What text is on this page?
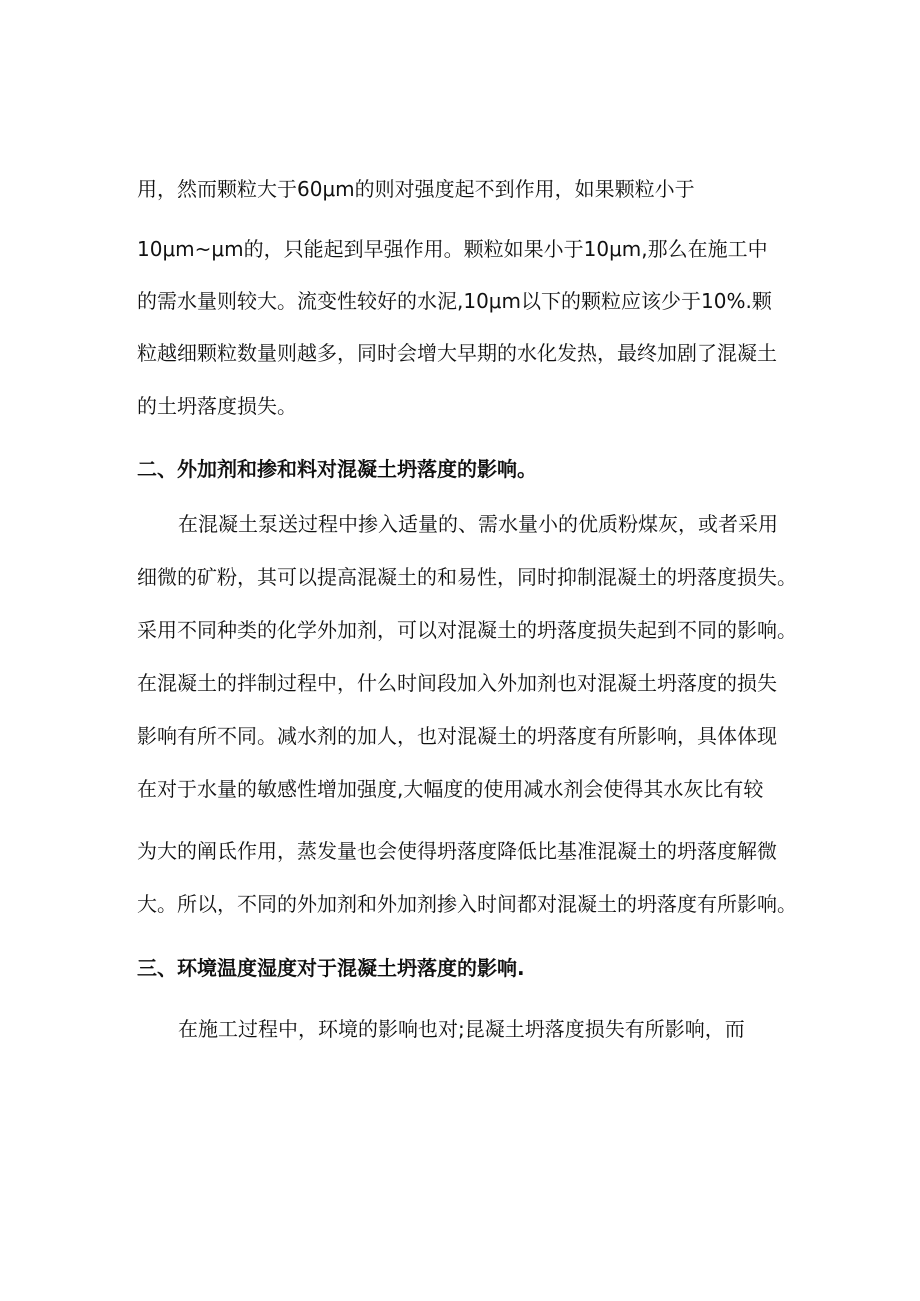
用，然而颗粒大于60μm的则对强度起不到作用，如果颗粒小于
10μm~μm的，只能起到早强作用。颗粒如果小于10μm,那么在施工中
的需水量则较大。流变性较好的水泥,10μm以下的颗粒应该少于10%.颗
粒越细颗粒数量则越多，同时会增大早期的水化发热，最终加剧了混凝土
的土坍落度损失。
二、外加剂和掺和料对混凝土坍落度的影响。
在混凝土泵送过程中掺入适量的、需水量小的优质粉煤灰，或者采用
细微的矿粉，其可以提高混凝土的和易性，同时抑制混凝土的坍落度损失。
采用不同种类的化学外加剂，可以对混凝土的坍落度损失起到不同的影响。
在混凝土的拌制过程中，什么时间段加入外加剂也对混凝土坍落度的损失
影响有所不同。减水剂的加人，也对混凝土的坍落度有所影响，具体体现
在对于水量的敏感性增加强度,大幅度的使用减水剂会使得其水灰比有较
为大的阐氐作用，蒸发量也会使得坍落度降低比基准混凝土的坍落度解微
大。所以，不同的外加剂和外加剂掺入时间都对混凝土的坍落度有所影响。
三、环境温度湿度对于混凝土坍落度的影响.
在施工过程中，环境的影响也对;昆凝土坍落度损失有所影响，而
